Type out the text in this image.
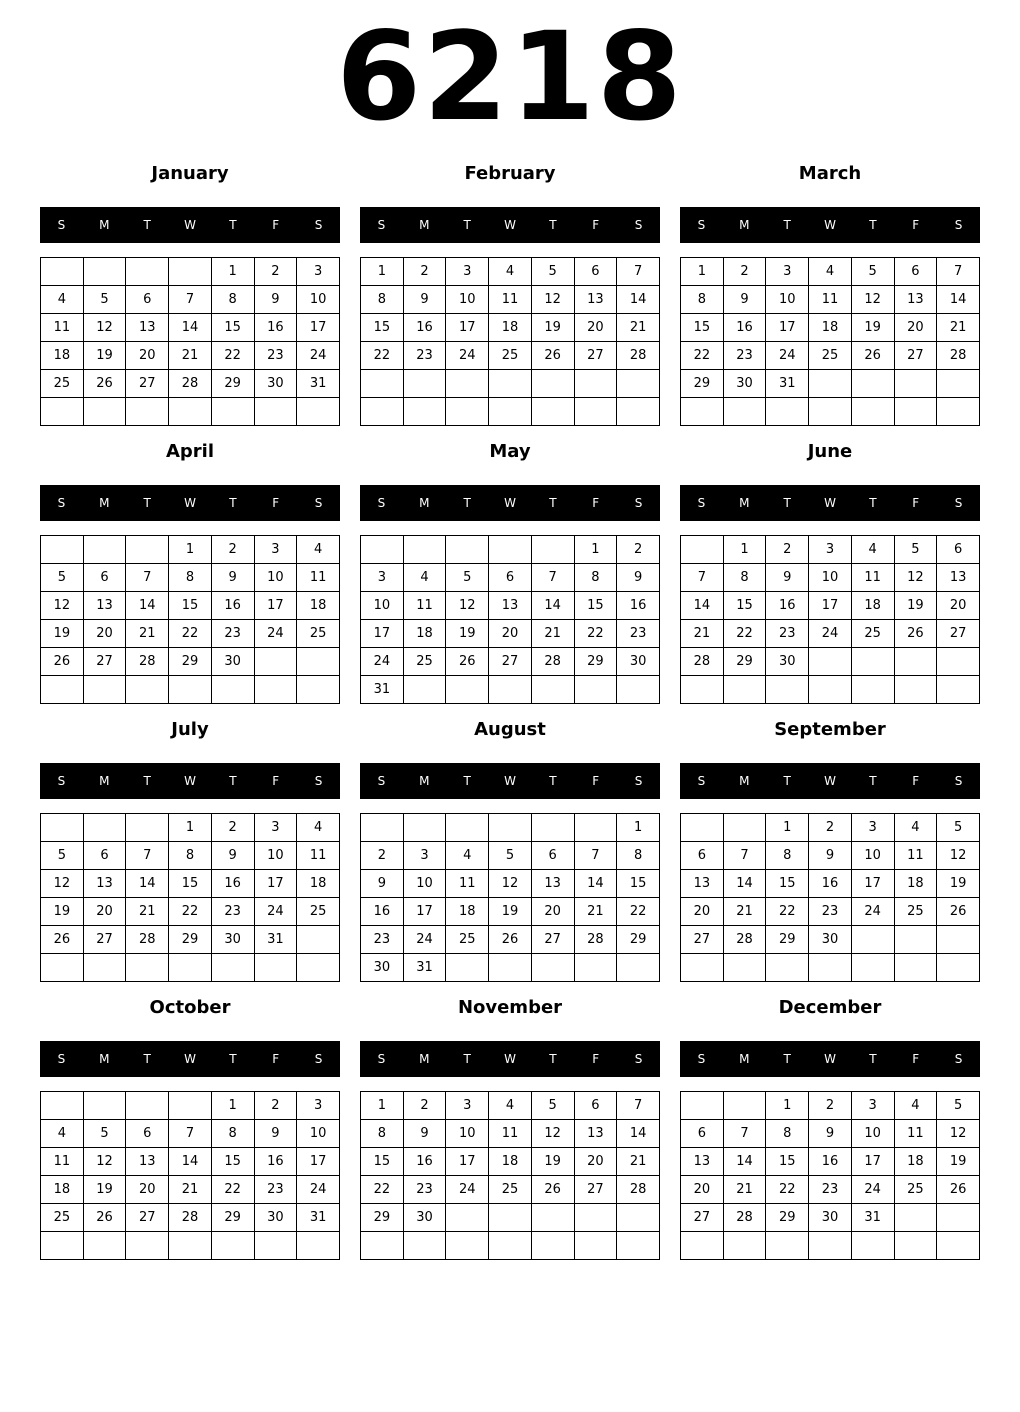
6218
January
S	M	T	W	T	F	S
				1	2	3
4	5	6	7	8	9	10
11	12	13	14	15	16	17
18	19	20	21	22	23	24
25	26	27	28	29	30	31

February
S	M	T	W	T	F	S
1	2	3	4	5	6	7
8	9	10	11	12	13	14
15	16	17	18	19	20	21
22	23	24	25	26	27	28

March
S	M	T	W	T	F	S
1	2	3	4	5	6	7
8	9	10	11	12	13	14
15	16	17	18	19	20	21
22	23	24	25	26	27	28
29	30	31				

April
S	M	T	W	T	F	S
			1	2	3	4
5	6	7	8	9	10	11
12	13	14	15	16	17	18
19	20	21	22	23	24	25
26	27	28	29	30		

May
S	M	T	W	T	F	S
					1	2
3	4	5	6	7	8	9
10	11	12	13	14	15	16
17	18	19	20	21	22	23
24	25	26	27	28	29	30
31						
June
S	M	T	W	T	F	S
	1	2	3	4	5	6
7	8	9	10	11	12	13
14	15	16	17	18	19	20
21	22	23	24	25	26	27
28	29	30				

July
S	M	T	W	T	F	S
			1	2	3	4
5	6	7	8	9	10	11
12	13	14	15	16	17	18
19	20	21	22	23	24	25
26	27	28	29	30	31	

August
S	M	T	W	T	F	S
						1
2	3	4	5	6	7	8
9	10	11	12	13	14	15
16	17	18	19	20	21	22
23	24	25	26	27	28	29
30	31					
September
S	M	T	W	T	F	S
		1	2	3	4	5
6	7	8	9	10	11	12
13	14	15	16	17	18	19
20	21	22	23	24	25	26
27	28	29	30			

October
S	M	T	W	T	F	S
				1	2	3
4	5	6	7	8	9	10
11	12	13	14	15	16	17
18	19	20	21	22	23	24
25	26	27	28	29	30	31

November
S	M	T	W	T	F	S
1	2	3	4	5	6	7
8	9	10	11	12	13	14
15	16	17	18	19	20	21
22	23	24	25	26	27	28
29	30					

December
S	M	T	W	T	F	S
		1	2	3	4	5
6	7	8	9	10	11	12
13	14	15	16	17	18	19
20	21	22	23	24	25	26
27	28	29	30	31		
